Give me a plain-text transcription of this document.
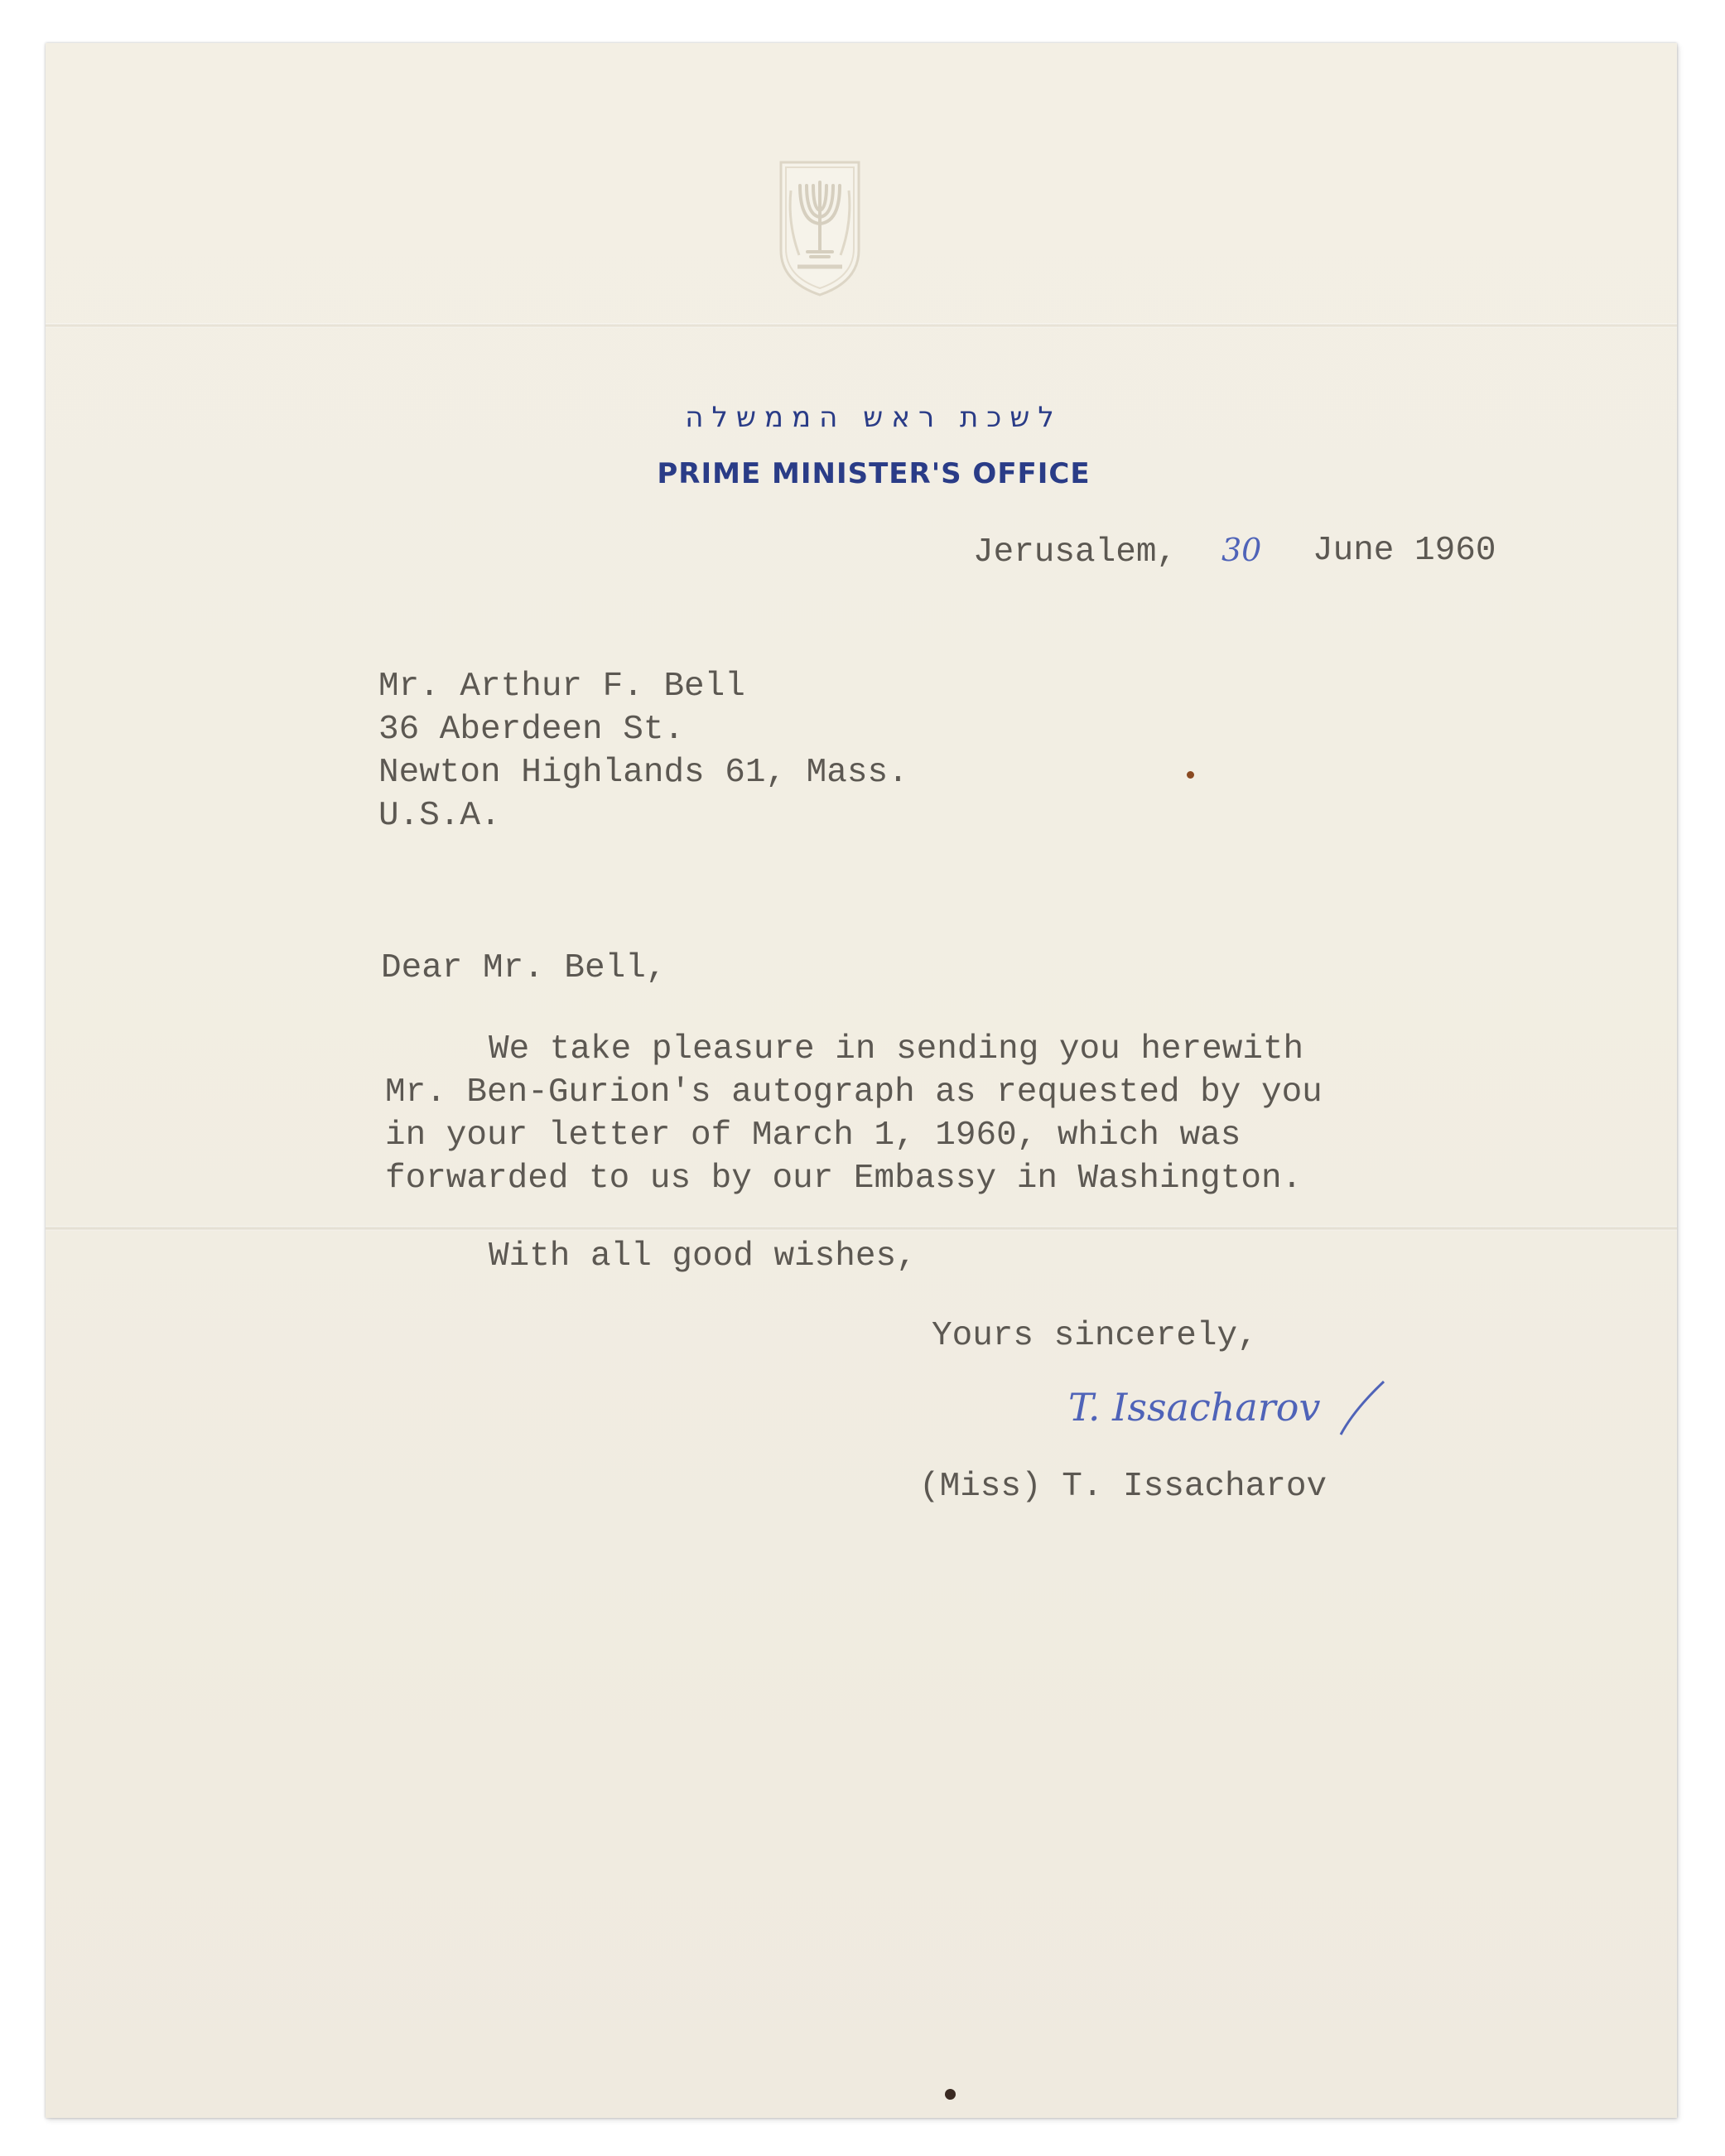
לשכת ראש הממשלה
PRIME MINISTER'S OFFICE
Jerusalem, 30 June 1960
Mr. Arthur F. Bell
36 Aberdeen St.
Newton Highlands 61, Mass.
U.S.A.
Dear Mr. Bell,
We take pleasure in sending you herewith
Mr. Ben-Gurion's autograph as requested by you
in your letter of March 1, 1960, which was
forwarded to us by our Embassy in Washington.
With all good wishes,
Yours sincerely,
T. Issacharov
(Miss) T. Issacharov
